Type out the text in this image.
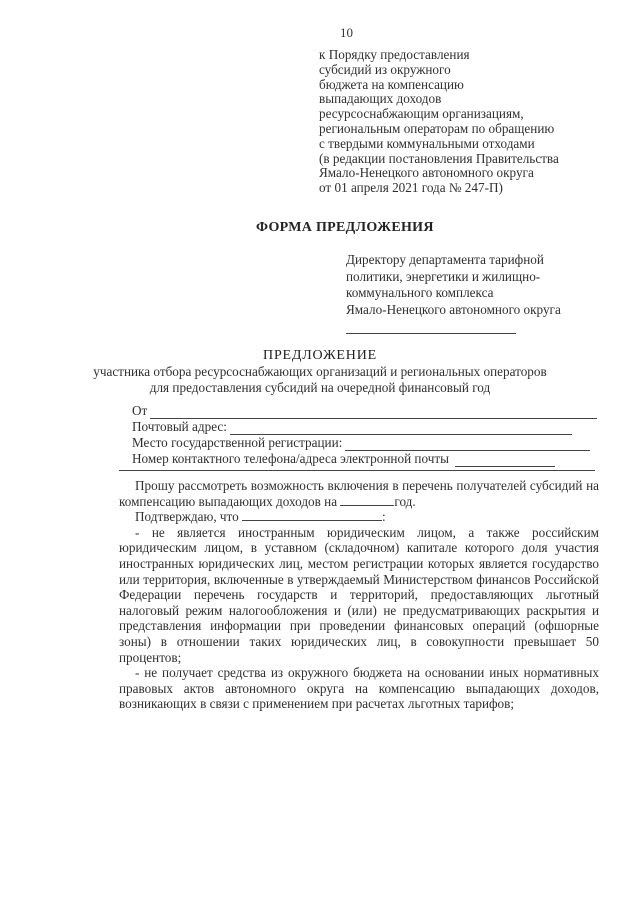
10
к Порядку предоставления
субсидий из окружного
бюджета на компенсацию
выпадающих доходов
ресурсоснабжающим организациям,
региональным операторам по обращению
с твердыми коммунальными отходами
(в редакции постановления Правительства
Ямало-Ненецкого автономного округа
от 01 апреля 2021 года № 247-П)
ФОРМА ПРЕДЛОЖЕНИЯ
Директору департамента тарифной
политики, энергетики и жилищно-
коммунального комплекса
Ямало-Ненецкого автономного округа
ПРЕДЛОЖЕНИЕ
участника отбора ресурсоснабжающих организаций и региональных операторов
для предоставления субсидий на очередной финансовый год
От
Почтовый адрес:
Место государственной регистрации:
Номер контактного телефона/адреса электронной почты

Прошу рассмотреть возможность включения в перечень получателей субсидий на компенсацию выпадающих доходов на	год.

Подтверждаю, что	:

- не является иностранным юридическим лицом, а также российским юридическим лицом, в уставном (складочном) капитале которого доля участия иностранных юридических лиц, местом регистрации которых является государство или территория, включенные в утверждаемый Министерством финансов Российской Федерации перечень государств и территорий, предоставляющих льготный налоговый режим налогообложения и (или) не предусматривающих раскрытия и представления информации при проведении финансовых операций (офшорные зоны) в отношении таких юридических лиц, в совокупности превышает 50 процентов;

- не получает средства из окружного бюджета на основании иных нормативных правовых актов автономного округа на компенсацию выпадающих доходов, возникающих в связи с применением при расчетах льготных тарифов;
